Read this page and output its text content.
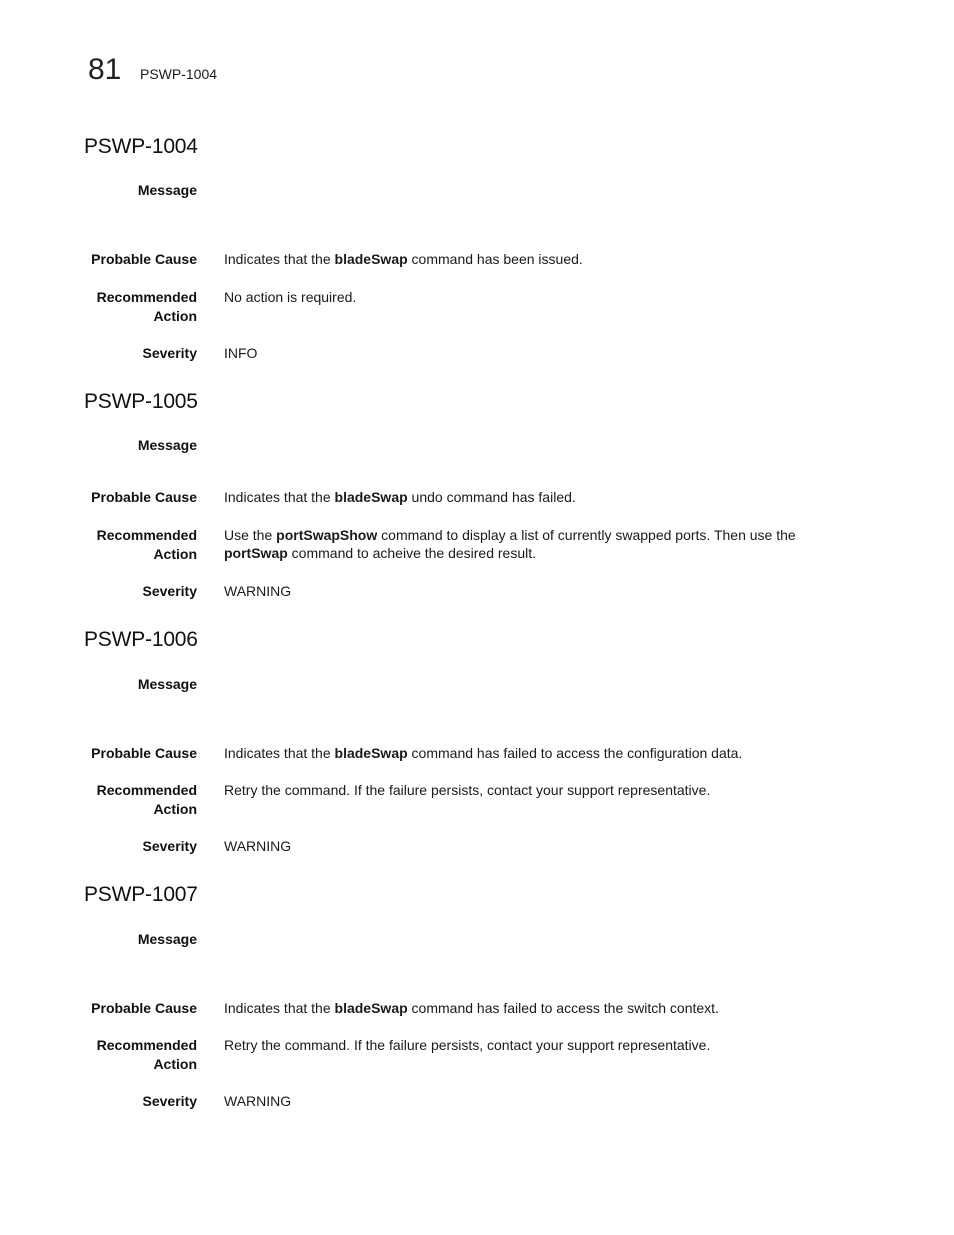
81 PSWP-1004
PSWP-1004
Message
Probable Cause Indicates that the bladeSwap command has been issued.
Recommended
Action
No action is required.
Severity INFO
PSWP-1005
Message
Probable Cause Indicates that the bladeSwap undo command has failed.
Recommended
Action
Use the portSwapShow command to display a list of currently swapped ports. Then use the
portSwap command to acheive the desired result.
Severity WARNING
PSWP-1006
Message
Probable Cause Indicates that the bladeSwap command has failed to access the configuration data.
Recommended
Action
Retry the command. If the failure persists, contact your support representative.
Severity WARNING
PSWP-1007
Message
Probable Cause Indicates that the bladeSwap command has failed to access the switch context.
Recommended
Action
Retry the command. If the failure persists, contact your support representative.
Severity WARNING
